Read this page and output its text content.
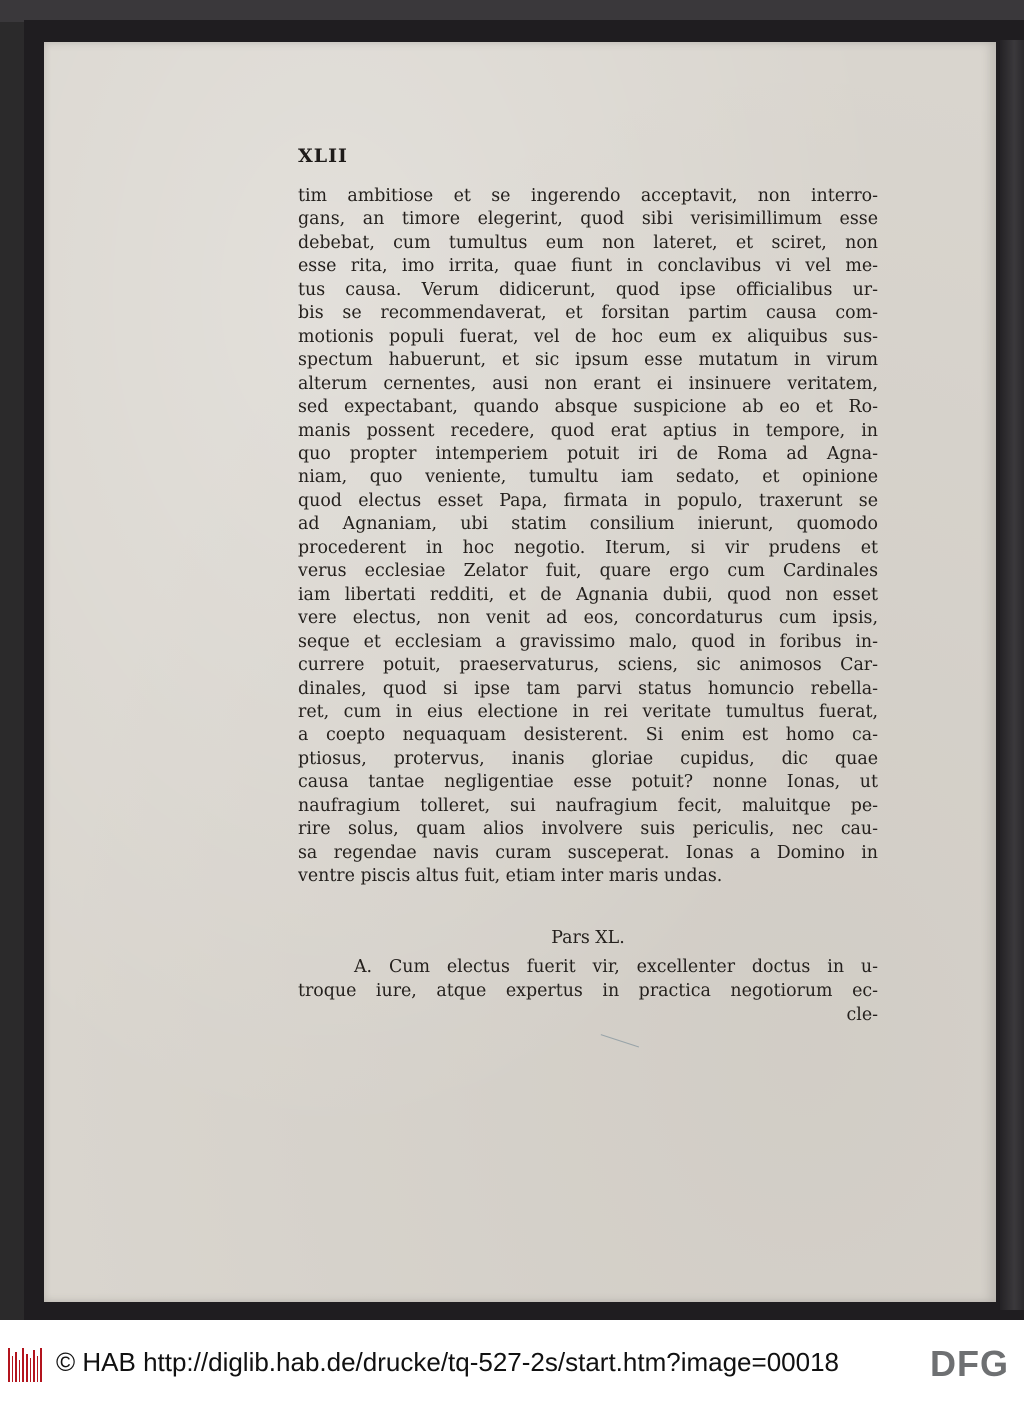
XLII
tim ambitiose et se ingerendo acceptavit, non interro-
gans, an timore elegerint, quod sibi verisimillimum esse
debebat, cum tumultus eum non lateret, et sciret, non
esse rita, imo irrita, quae fiunt in conclavibus vi vel me-
tus causa. Verum didicerunt, quod ipse officialibus ur-
bis se recommendaverat, et forsitan partim causa com-
motionis populi fuerat, vel de hoc eum ex aliquibus sus-
spectum habuerunt, et sic ipsum esse mutatum in virum
alterum cernentes, ausi non erant ei insinuere veritatem,
sed expectabant, quando absque suspicione ab eo et Ro-
manis possent recedere, quod erat aptius in tempore, in
quo propter intemperiem potuit iri de Roma ad Agna-
niam, quo veniente, tumultu iam sedato, et opinione
quod electus esset Papa, firmata in populo, traxerunt se
ad Agnaniam, ubi statim consilium inierunt, quomodo
procederent in hoc negotio. Iterum, si vir prudens et
verus ecclesiae Zelator fuit, quare ergo cum Cardinales
iam libertati redditi, et de Agnania dubii, quod non esset
vere electus, non venit ad eos, concordaturus cum ipsis,
seque et ecclesiam a gravissimo malo, quod in foribus in-
currere potuit, praeservaturus, sciens, sic animosos Car-
dinales, quod si ipse tam parvi status homuncio rebella-
ret, cum in eius electione in rei veritate tumultus fuerat,
a coepto nequaquam desisterent. Si enim est homo ca-
ptiosus, protervus, inanis gloriae cupidus, dic quae
causa tantae negligentiae esse potuit? nonne Ionas, ut
naufragium tolleret, sui naufragium fecit, maluitque pe-
rire solus, quam alios involvere suis periculis, nec cau-
sa regendae navis curam susceperat. Ionas a Domino in
ventre piscis altus fuit, etiam inter maris undas.
Pars XL.
A. Cum electus fuerit vir, excellenter doctus in u-
troque iure, atque expertus in practica negotiorum ec-
cle-
© HAB http://diglib.hab.de/drucke/tq-527-2s/start.htm?image=00018	DFG
